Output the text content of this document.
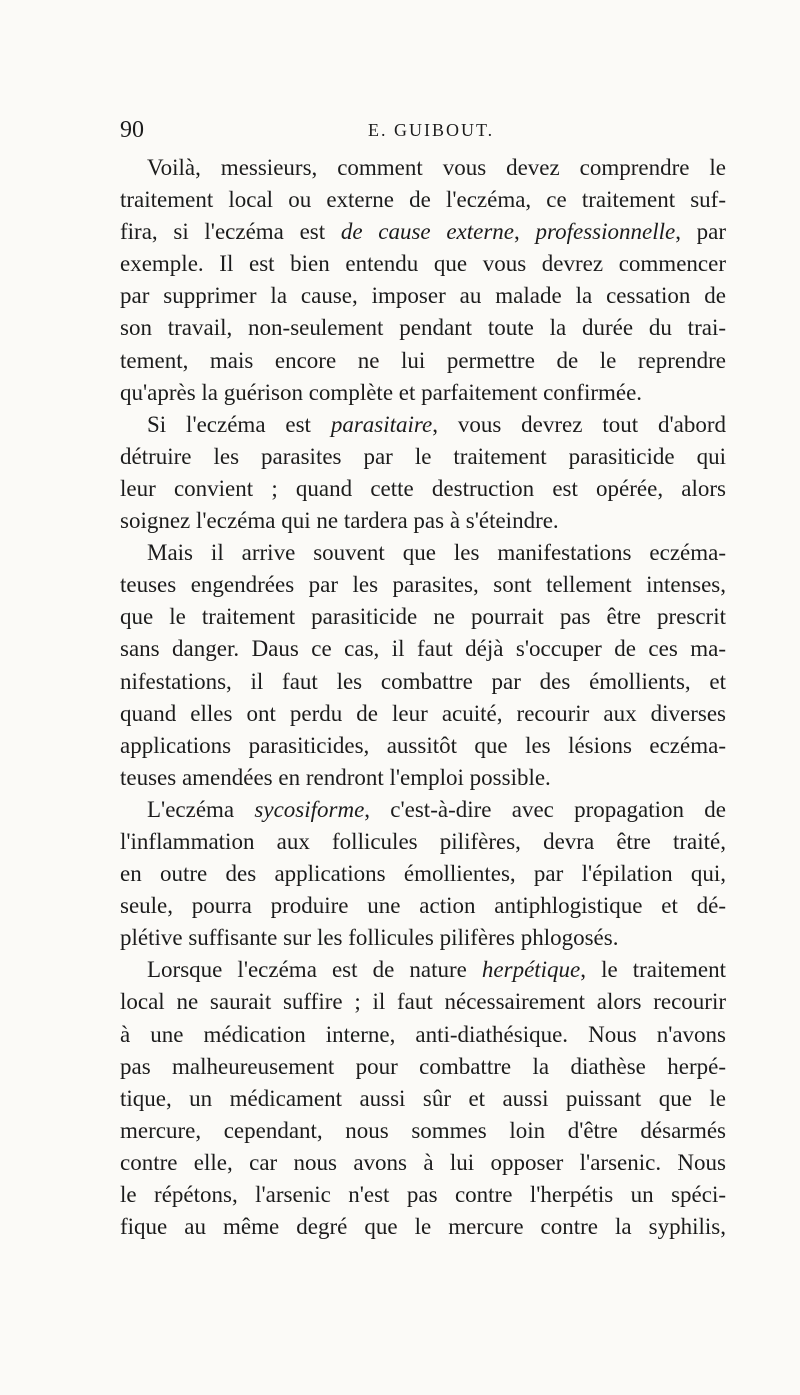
90	E. GUIBOUT.
Voilà, messieurs, comment vous devez comprendre le
traitement local ou externe de l'eczéma, ce traitement suf-
fira, si l'eczéma est de cause externe, professionnelle, par
exemple. Il est bien entendu que vous devrez commencer
par supprimer la cause, imposer au malade la cessation de
son travail, non-seulement pendant toute la durée du trai-
tement, mais encore ne lui permettre de le reprendre
qu'après la guérison complète et parfaitement confirmée.
Si l'eczéma est parasitaire, vous devrez tout d'abord
détruire les parasites par le traitement parasiticide qui
leur convient ; quand cette destruction est opérée, alors
soignez l'eczéma qui ne tardera pas à s'éteindre.
Mais il arrive souvent que les manifestations eczéma-
teuses engendrées par les parasites, sont tellement intenses,
que le traitement parasiticide ne pourrait pas être prescrit
sans danger. Daus ce cas, il faut déjà s'occuper de ces ma-
nifestations, il faut les combattre par des émollients, et
quand elles ont perdu de leur acuité, recourir aux diverses
applications parasiticides, aussitôt que les lésions eczéma-
teuses amendées en rendront l'emploi possible.
L'eczéma sycosiforme, c'est-à-dire avec propagation de
l'inflammation aux follicules pilifères, devra être traité,
en outre des applications émollientes, par l'épilation qui,
seule, pourra produire une action antiphlogistique et dé-
plétive suffisante sur les follicules pilifères phlogosés.
Lorsque l'eczéma est de nature herpétique, le traitement
local ne saurait suffire ; il faut nécessairement alors recourir
à une médication interne, anti-diathésique. Nous n'avons
pas malheureusement pour combattre la diathèse herpé-
tique, un médicament aussi sûr et aussi puissant que le
mercure, cependant, nous sommes loin d'être désarmés
contre elle, car nous avons à lui opposer l'arsenic. Nous
le répétons, l'arsenic n'est pas contre l'herpétis un spéci-
fique au même degré que le mercure contre la syphilis,
